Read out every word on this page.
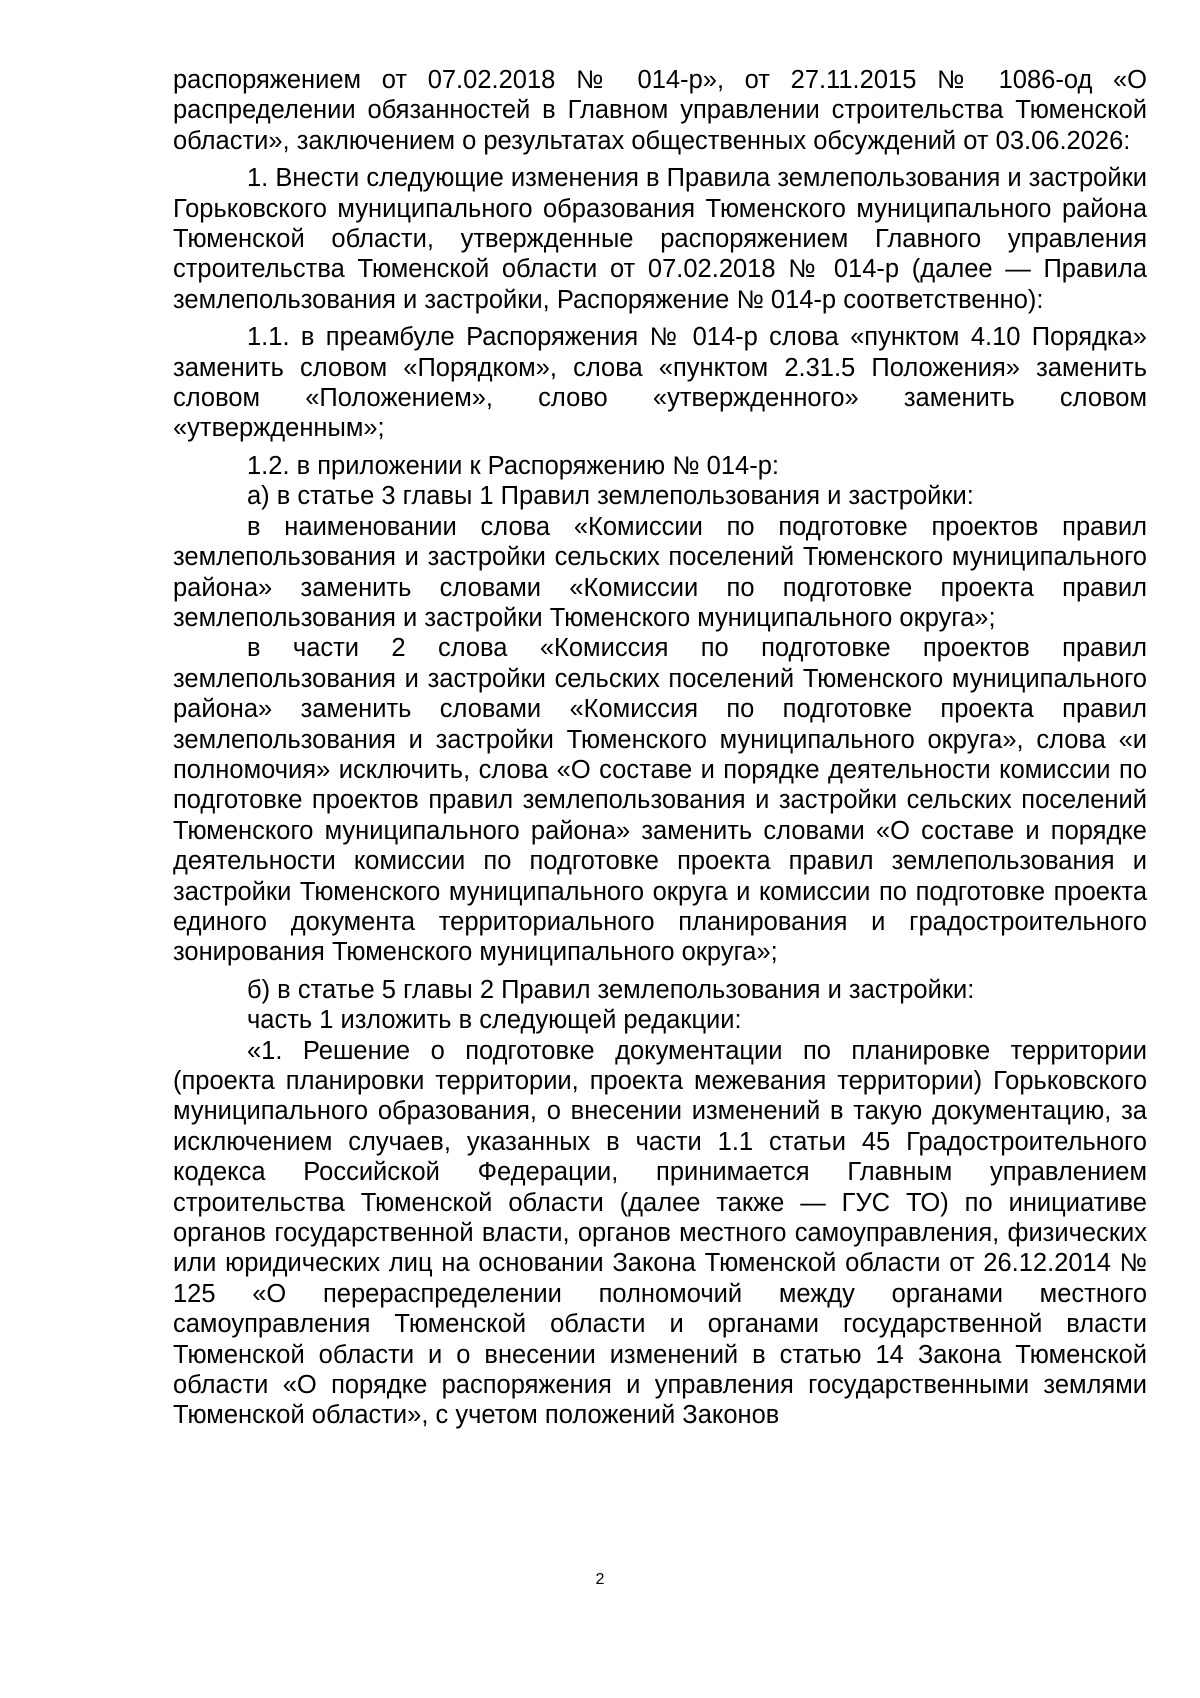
распоряжением от 07.02.2018 № 014-р», от 27.11.2015 № 1086-од «О распределении обязанностей в Главном управлении строительства Тюменской области», заключением о результатах общественных обсуждений от 03.06.2026:

1. Внести следующие изменения в Правила землепользования и застройки Горьковского муниципального образования Тюменского муниципального района Тюменской области, утвержденные распоряжением Главного управления строительства Тюменской области от 07.02.2018 № 014-р (далее — Правила землепользования и застройки, Распоряжение № 014-р соответственно):

1.1. в преамбуле Распоряжения № 014-р слова «пунктом 4.10 Порядка» заменить словом «Порядком», слова «пунктом 2.31.5 Положения» заменить словом «Положением», слово «утвержденного» заменить словом «утвержденным»;

1.2. в приложении к Распоряжению № 014-р:

а) в статье 3 главы 1 Правил землепользования и застройки:

в наименовании слова «Комиссии по подготовке проектов правил землепользования и застройки сельских поселений Тюменского муниципального района» заменить словами «Комиссии по подготовке проекта правил землепользования и застройки Тюменского муниципального округа»;

в части 2 слова «Комиссия по подготовке проектов правил землепользования и застройки сельских поселений Тюменского муниципального района» заменить словами «Комиссия по подготовке проекта правил землепользования и застройки Тюменского муниципального округа», слова «и полномочия» исключить, слова «О составе и порядке деятельности комиссии по подготовке проектов правил землепользования и застройки сельских поселений Тюменского муниципального района» заменить словами «О составе и порядке деятельности комиссии по подготовке проекта правил землепользования и застройки Тюменского муниципального округа и комиссии по подготовке проекта единого документа территориального планирования и градостроительного зонирования Тюменского муниципального округа»;

б) в статье 5 главы 2 Правил землепользования и застройки:

часть 1 изложить в следующей редакции:

«1. Решение о подготовке документации по планировке территории (проекта планировки территории, проекта межевания территории) Горьковского муниципального образования, о внесении изменений в такую документацию, за исключением случаев, указанных в части 1.1 статьи 45 Градостроительного кодекса Российской Федерации, принимается Главным управлением строительства Тюменской области (далее также — ГУС ТО) по инициативе органов государственной власти, органов местного самоуправления, физических или юридических лиц на основании Закона Тюменской области от 26.12.2014 № 125 «О перераспределении полномочий между органами местного самоуправления Тюменской области и органами государственной власти Тюменской области и о внесении изменений в статью 14 Закона Тюменской области «О порядке распоряжения и управления государственными землями Тюменской области», с учетом положений Законов

2
